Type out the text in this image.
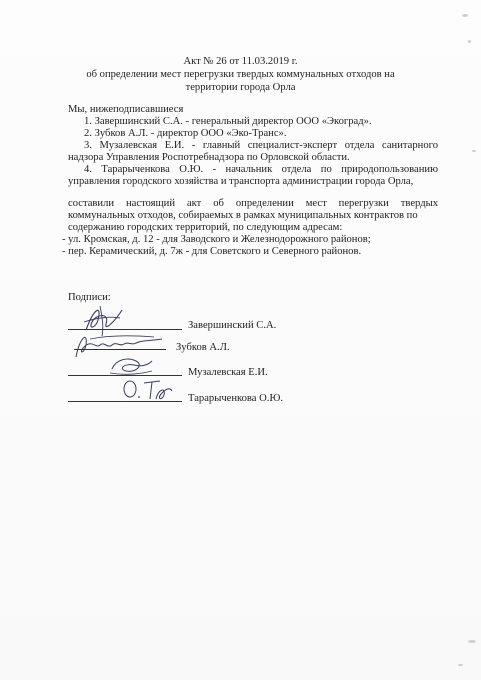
Акт № 26 от 11.03.2019 г.
об определении мест перегрузки твердых коммунальных отходов на
территории города Орла
Мы, нижеподписавшиеся
1. Завершинский С.А. - генеральный директор ООО «Экоград».
2. Зубков А.Л. - директор ООО «Эко-Транс».
3. Музалевская Е.И. - главный специалист-эксперт отдела санитарного
надзора Управления Роспотребнадзора по Орловской области.
4. Тарарыченкова О.Ю. - начальник отдела по природопользованию
управления городского хозяйства и транспорта администрации города Орла,
составили настоящий акт об определении мест перегрузки твердых
коммунальных отходов, собираемых в рамках муниципальных контрактов по
содержанию городских территорий, по следующим адресам:
- ул. Кромская, д. 12 - для Заводского и Железнодорожного районов;
- пер. Керамический, д. 7ж - для Советского и Северного районов.
Подписи:
Завершинский С.А.
Зубков А.Л.
Музалевская Е.И.
Тарарыченкова О.Ю.
